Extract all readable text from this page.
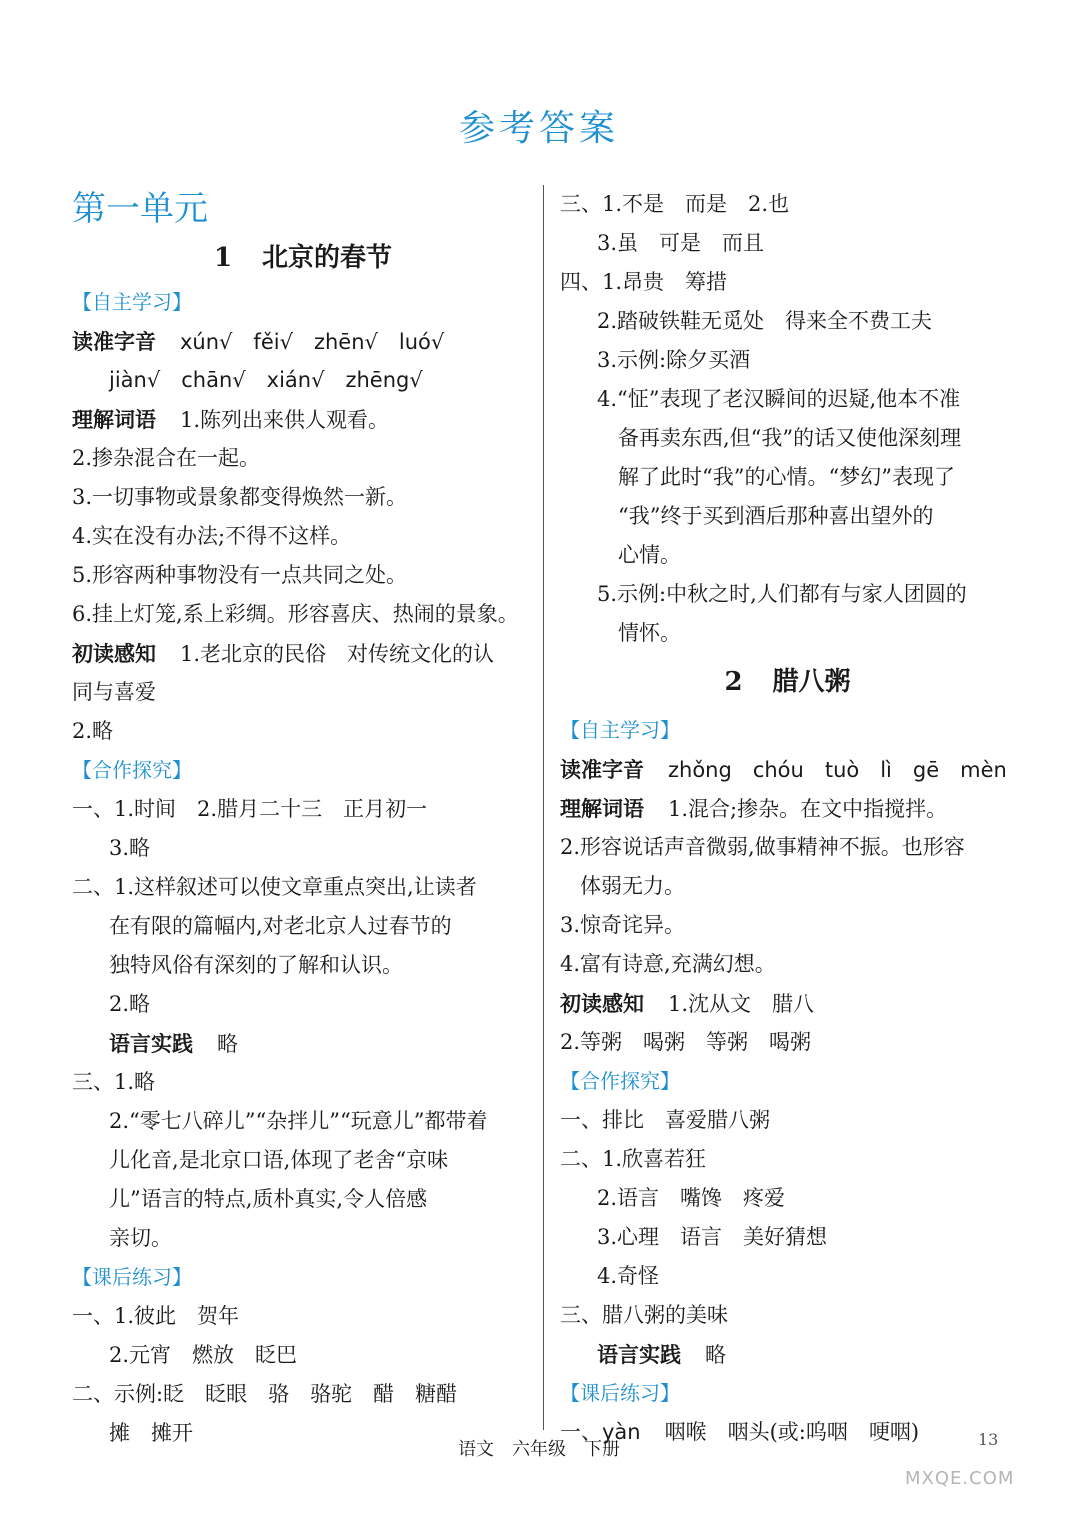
参考答案
第一单元
1 北京的春节
【自主学习】
读准字音 xún√　fěi√　zhēn√　luó√
jiàn√　chān√　xián√　zhēng√
理解词语 1.陈列出来供人观看。
2.掺杂混合在一起。
3.一切事物或景象都变得焕然一新。
4.实在没有办法;不得不这样。
5.形容两种事物没有一点共同之处。
6.挂上灯笼,系上彩绸。形容喜庆、热闹的景象。
初读感知 1.老北京的民俗　对传统文化的认
同与喜爱
2.略
【合作探究】
一、1.时间　2.腊月二十三　正月初一
3.略
二、1.这样叙述可以使文章重点突出,让读者
在有限的篇幅内,对老北京人过春节的
独特风俗有深刻的了解和认识。
2.略
语言实践 略
三、1.略
2.“零七八碎儿”“杂拌儿”“玩意儿”都带着
儿化音,是北京口语,体现了老舍“京味
儿”语言的特点,质朴真实,令人倍感
亲切。
【课后练习】
一、1.彼此　贺年
2.元宵　燃放　眨巴
二、示例:眨　眨眼　骆　骆驼　醋　糖醋
摊　摊开
三、1.不是　而是　2.也
3.虽　可是　而且
四、1.昂贵　筹措
2.踏破铁鞋无觅处　得来全不费工夫
3.示例:除夕买酒
4.“怔”表现了老汉瞬间的迟疑,他本不准
备再卖东西,但“我”的话又使他深刻理
解了此时“我”的心情。“梦幻”表现了
“我”终于买到酒后那种喜出望外的
心情。
5.示例:中秋之时,人们都有与家人团圆的
情怀。
2 腊八粥
【自主学习】
读准字音 zhǒng　chóu　tuò　lì　gē　mèn
理解词语 1.混合;掺杂。在文中指搅拌。
2.形容说话声音微弱,做事精神不振。也形容
体弱无力。
3.惊奇诧异。
4.富有诗意,充满幻想。
初读感知 1.沈从文　腊八
2.等粥　喝粥　等粥　喝粥
【合作探究】
一、排比　喜爱腊八粥
二、1.欣喜若狂
2.语言　嘴馋　疼爱
3.心理　语言　美好猜想
4.奇怪
三、腊八粥的美味
语言实践 略
【课后练习】
一、yàn 咽喉　咽头(或:呜咽　哽咽)
语文　六年级　下册	13
MXQE.COM
